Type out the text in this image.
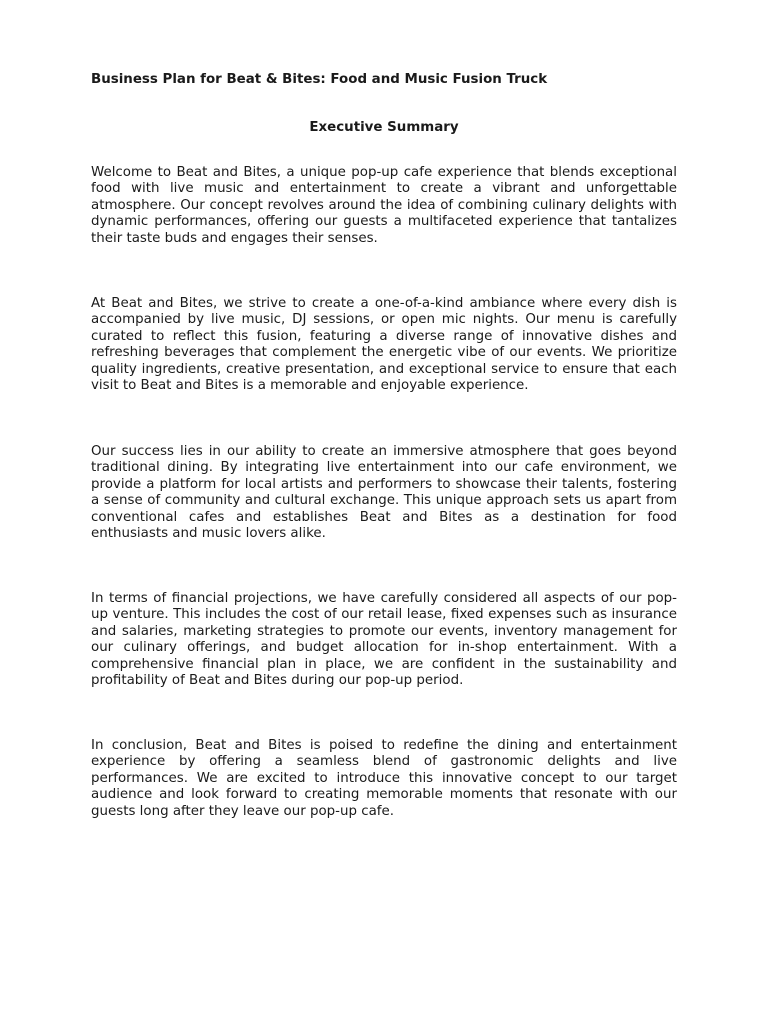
Business Plan for Beat & Bites: Food and Music Fusion Truck
Executive Summary

Welcome to Beat and Bites, a unique pop-up cafe experience that blends exceptional food with live music and entertainment to create a vibrant and unforgettable atmosphere. Our concept revolves around the idea of combining culinary delights with dynamic performances, offering our guests a multifaceted experience that tantalizes their taste buds and engages their senses.

At Beat and Bites, we strive to create a one-of-a-kind ambiance where every dish is accompanied by live music, DJ sessions, or open mic nights. Our menu is carefully curated to reflect this fusion, featuring a diverse range of innovative dishes and refreshing beverages that complement the energetic vibe of our events. We prioritize quality ingredients, creative presentation, and exceptional service to ensure that each visit to Beat and Bites is a memorable and enjoyable experience.

Our success lies in our ability to create an immersive atmosphere that goes beyond traditional dining. By integrating live entertainment into our cafe environment, we provide a platform for local artists and performers to showcase their talents, fostering a sense of community and cultural exchange. This unique approach sets us apart from conventional cafes and establishes Beat and Bites as a destination for food enthusiasts and music lovers alike.

In terms of financial projections, we have carefully considered all aspects of our pop-up venture. This includes the cost of our retail lease, fixed expenses such as insurance and salaries, marketing strategies to promote our events, inventory management for our culinary offerings, and budget allocation for in-shop entertainment. With a comprehensive financial plan in place, we are confident in the sustainability and profitability of Beat and Bites during our pop-up period.

In conclusion, Beat and Bites is poised to redefine the dining and entertainment experience by offering a seamless blend of gastronomic delights and live performances. We are excited to introduce this innovative concept to our target audience and look forward to creating memorable moments that resonate with our guests long after they leave our pop-up cafe.
